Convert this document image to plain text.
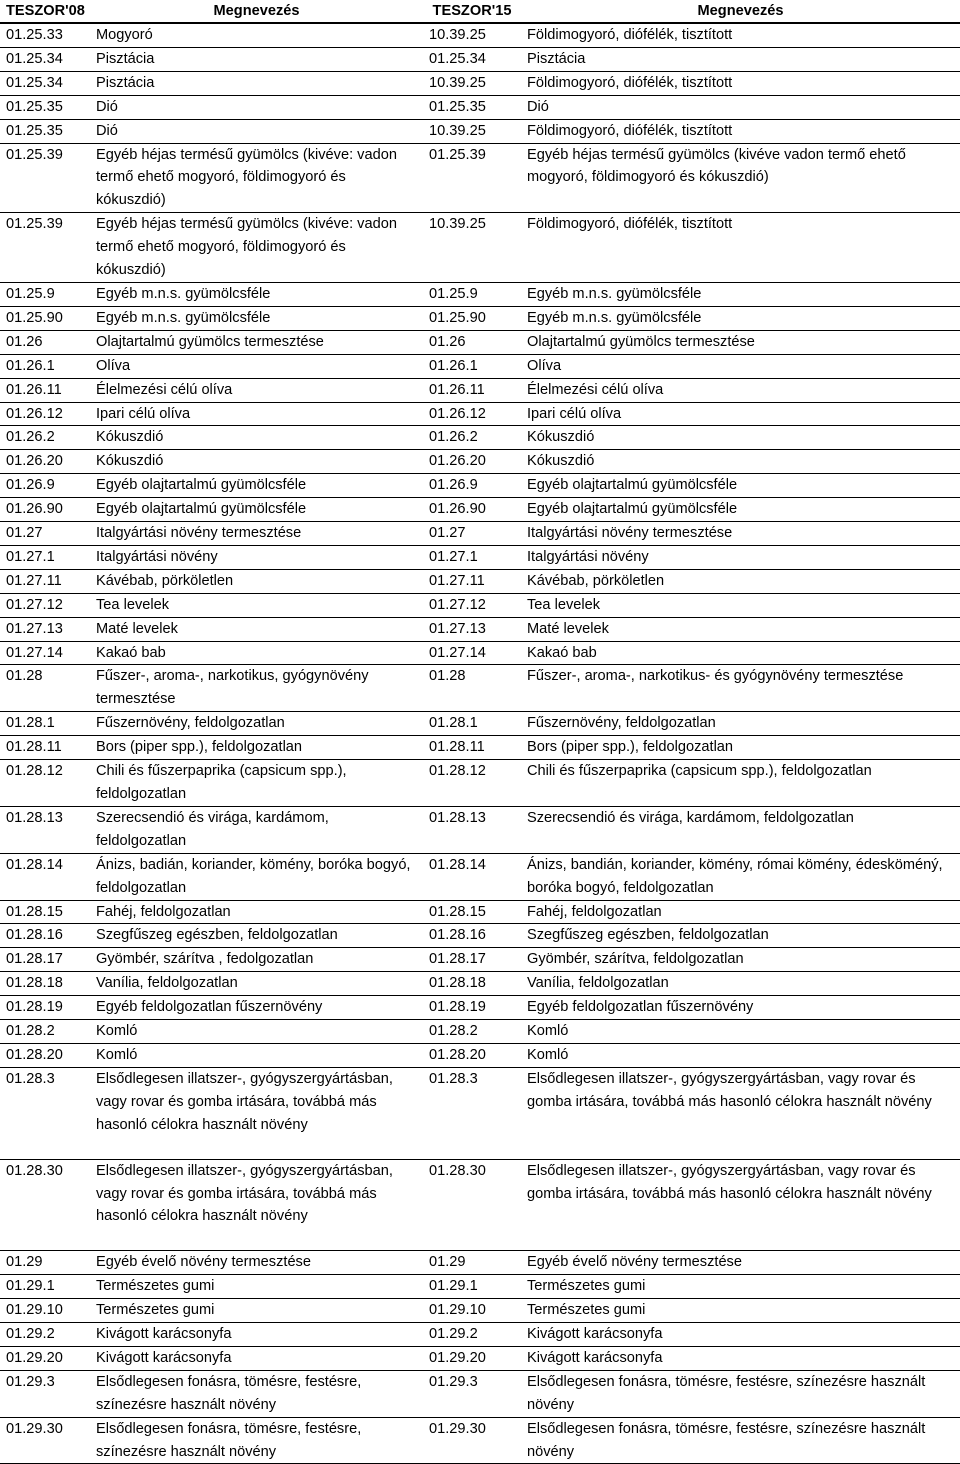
TESZOR'08	Megnevezés	TESZOR'15	Megnevezés
01.25.33	Mogyoró	10.39.25	Földimogyoró, diófélék, tisztított
01.25.34	Pisztácia	01.25.34	Pisztácia
01.25.34	Pisztácia	10.39.25	Földimogyoró, diófélék, tisztított
01.25.35	Dió	01.25.35	Dió
01.25.35	Dió	10.39.25	Földimogyoró, diófélék, tisztított
01.25.39	Egyéb héjas termésű gyümölcs (kivéve: vadon termő ehető mogyoró, földimogyoró és kókuszdió)	01.25.39	Egyéb héjas termésű gyümölcs (kivéve vadon termő ehető mogyoró, földimogyoró és kókuszdió)
01.25.39	Egyéb héjas termésű gyümölcs (kivéve: vadon termő ehető mogyoró, földimogyoró és kókuszdió)	10.39.25	Földimogyoró, diófélék, tisztított
01.25.9	Egyéb m.n.s. gyümölcsféle	01.25.9	Egyéb m.n.s. gyümölcsféle
01.25.90	Egyéb m.n.s. gyümölcsféle	01.25.90	Egyéb m.n.s. gyümölcsféle
01.26	Olajtartalmú gyümölcs termesztése	01.26	Olajtartalmú gyümölcs termesztése
01.26.1	Olíva	01.26.1	Olíva
01.26.11	Élelmezési célú olíva	01.26.11	Élelmezési célú olíva
01.26.12	Ipari célú olíva	01.26.12	Ipari célú olíva
01.26.2	Kókuszdió	01.26.2	Kókuszdió
01.26.20	Kókuszdió	01.26.20	Kókuszdió
01.26.9	Egyéb olajtartalmú gyümölcsféle	01.26.9	Egyéb olajtartalmú gyümölcsféle
01.26.90	Egyéb olajtartalmú gyümölcsféle	01.26.90	Egyéb olajtartalmú gyümölcsféle
01.27	Italgyártási növény termesztése	01.27	Italgyártási növény termesztése
01.27.1	Italgyártási növény	01.27.1	Italgyártási növény
01.27.11	Kávébab, pörköletlen	01.27.11	Kávébab, pörköletlen
01.27.12	Tea levelek	01.27.12	Tea levelek
01.27.13	Maté levelek	01.27.13	Maté levelek
01.27.14	Kakaó bab	01.27.14	Kakaó bab
01.28	Fűszer-, aroma-, narkotikus, gyógynövény termesztése	01.28	Fűszer-, aroma-, narkotikus- és gyógynövény termesztése
01.28.1	Fűszernövény, feldolgozatlan	01.28.1	Fűszernövény, feldolgozatlan
01.28.11	Bors (piper spp.), feldolgozatlan	01.28.11	Bors (piper spp.), feldolgozatlan
01.28.12	Chili és fűszerpaprika (capsicum spp.), feldolgozatlan	01.28.12	Chili és fűszerpaprika (capsicum spp.), feldolgozatlan
01.28.13	Szerecsendió és virága, kardámom, feldolgozatlan	01.28.13	Szerecsendió és virága, kardámom, feldolgozatlan
01.28.14	Ánizs, badián, koriander, kömény, boróka bogyó, feldolgozatlan	01.28.14	Ánizs, bandián, koriander, kömény, római kömény, édesköméný, boróka bogyó, feldolgozatlan
01.28.15	Fahéj, feldolgozatlan	01.28.15	Fahéj, feldolgozatlan
01.28.16	Szegfűszeg egészben, feldolgozatlan	01.28.16	Szegfűszeg egészben, feldolgozatlan
01.28.17	Gyömbér, szárítva , fedolgozatlan	01.28.17	Gyömbér, szárítva, feldolgozatlan
01.28.18	Vanília, feldolgozatlan	01.28.18	Vanília, feldolgozatlan
01.28.19	Egyéb feldolgozatlan fűszernövény	01.28.19	Egyéb feldolgozatlan fűszernövény
01.28.2	Komló	01.28.2	Komló
01.28.20	Komló	01.28.20	Komló
01.28.3	Elsődlegesen illatszer-, gyógyszergyártásban, vagy rovar és gomba irtására, továbbá más hasonló célokra használt növény	01.28.3	Elsődlegesen illatszer-, gyógyszergyártásban, vagy rovar és gomba irtására, továbbá más hasonló célokra használt növény
01.28.30	Elsődlegesen illatszer-, gyógyszergyártásban, vagy rovar és gomba irtására, továbbá más hasonló célokra használt növény	01.28.30	Elsődlegesen illatszer-, gyógyszergyártásban, vagy rovar és gomba irtására, továbbá más hasonló célokra használt növény
01.29	Egyéb évelő növény termesztése	01.29	Egyéb évelő növény termesztése
01.29.1	Természetes gumi	01.29.1	Természetes gumi
01.29.10	Természetes gumi	01.29.10	Természetes gumi
01.29.2	Kivágott karácsonyfa	01.29.2	Kivágott karácsonyfa
01.29.20	Kivágott karácsonyfa	01.29.20	Kivágott karácsonyfa
01.29.3	Elsődlegesen fonásra, tömésre, festésre, színezésre használt növény	01.29.3	Elsődlegesen fonásra, tömésre, festésre, színezésre használt növény
01.29.30	Elsődlegesen fonásra, tömésre, festésre, színezésre használt növény	01.29.30	Elsődlegesen fonásra, tömésre, festésre, színezésre használt növény
